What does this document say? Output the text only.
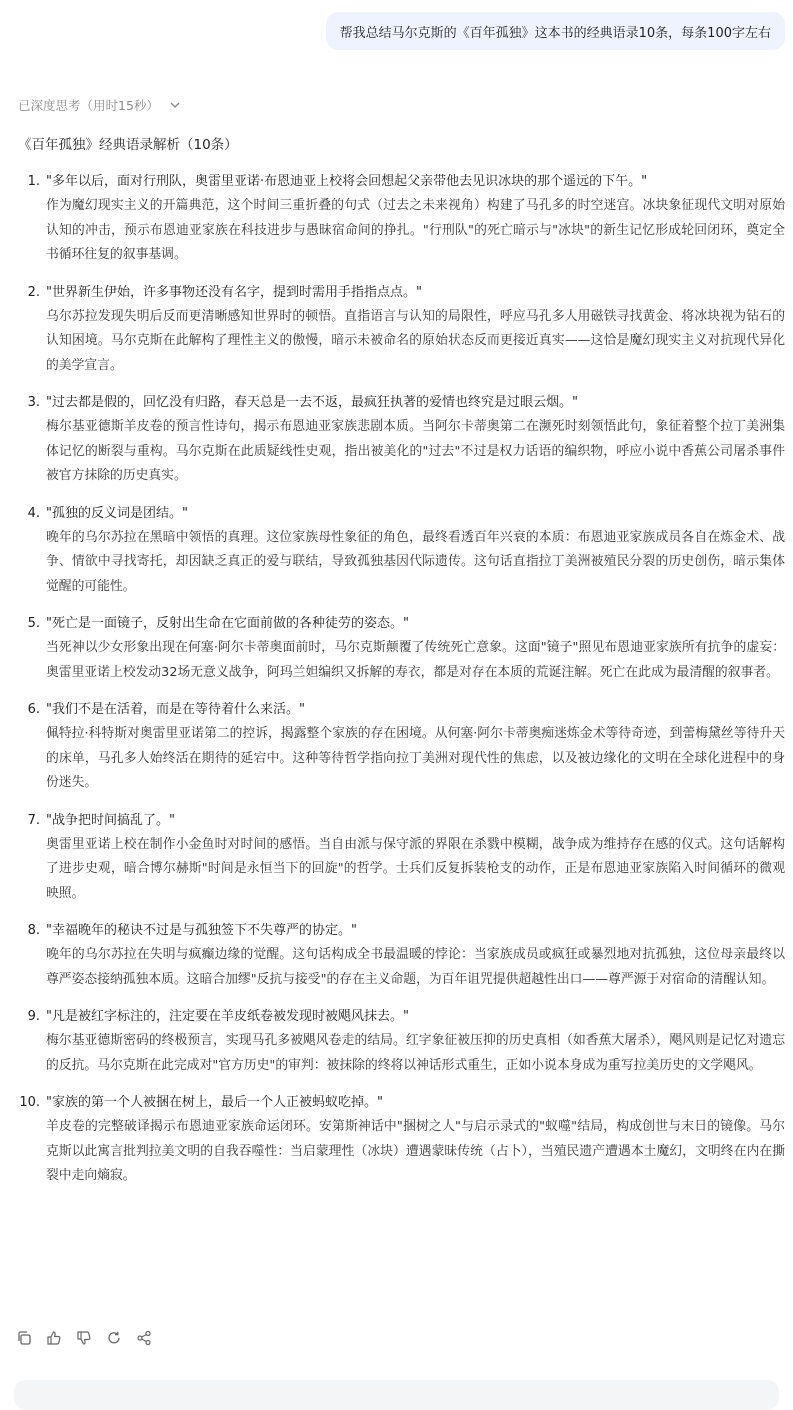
帮我总结马尔克斯的《百年孤独》这本书的经典语录10条，每条100字左右
已深度思考（用时15秒）
《百年孤独》经典语录解析（10条）
1. "多年以后，面对行刑队，奥雷里亚诺·布恩迪亚上校将会回想起父亲带他去见识冰块的那个遥远的下午。"
作为魔幻现实主义的开篇典范，这个时间三重折叠的句式（过去之未来视角）构建了马孔多的时空迷宫。冰块象征现代文明对原始认知的冲击，预示布恩迪亚家族在科技进步与愚昧宿命间的挣扎。"行刑队"的死亡暗示与"冰块"的新生记忆形成轮回闭环，奠定全书循环往复的叙事基调。
2. "世界新生伊始，许多事物还没有名字，提到时需用手指指点点。"
乌尔苏拉发现失明后反而更清晰感知世界时的顿悟。直指语言与认知的局限性，呼应马孔多人用磁铁寻找黄金、将冰块视为钻石的认知困境。马尔克斯在此解构了理性主义的傲慢，暗示未被命名的原始状态反而更接近真实——这恰是魔幻现实主义对抗现代异化的美学宣言。
3. "过去都是假的，回忆没有归路，春天总是一去不返，最疯狂执著的爱情也终究是过眼云烟。"
梅尔基亚德斯羊皮卷的预言性诗句，揭示布恩迪亚家族悲剧本质。当阿尔卡蒂奥第二在濒死时刻领悟此句，象征着整个拉丁美洲集体记忆的断裂与重构。马尔克斯在此质疑线性史观，指出被美化的"过去"不过是权力话语的编织物，呼应小说中香蕉公司屠杀事件被官方抹除的历史真实。
4. "孤独的反义词是团结。"
晚年的乌尔苏拉在黑暗中领悟的真理。这位家族母性象征的角色，最终看透百年兴衰的本质：布恩迪亚家族成员各自在炼金术、战争、情欲中寻找寄托，却因缺乏真正的爱与联结，导致孤独基因代际遗传。这句话直指拉丁美洲被殖民分裂的历史创伤，暗示集体觉醒的可能性。
5. "死亡是一面镜子，反射出生命在它面前做的各种徒劳的姿态。"
当死神以少女形象出现在何塞·阿尔卡蒂奥面前时，马尔克斯颠覆了传统死亡意象。这面"镜子"照见布恩迪亚家族所有抗争的虚妄：奥雷里亚诺上校发动32场无意义战争，阿玛兰妲编织又拆解的寿衣，都是对存在本质的荒诞注解。死亡在此成为最清醒的叙事者。
6. "我们不是在活着，而是在等待着什么来活。"
佩特拉·科特斯对奥雷里亚诺第二的控诉，揭露整个家族的存在困境。从何塞·阿尔卡蒂奥痴迷炼金术等待奇迹，到蕾梅黛丝等待升天的床单，马孔多人始终活在期待的延宕中。这种等待哲学指向拉丁美洲对现代性的焦虑，以及被边缘化的文明在全球化进程中的身份迷失。
7. "战争把时间搞乱了。"
奥雷里亚诺上校在制作小金鱼时对时间的感悟。当自由派与保守派的界限在杀戮中模糊，战争成为维持存在感的仪式。这句话解构了进步史观，暗合博尔赫斯"时间是永恒当下的回旋"的哲学。士兵们反复拆装枪支的动作，正是布恩迪亚家族陷入时间循环的微观映照。
8. "幸福晚年的秘诀不过是与孤独签下不失尊严的协定。"
晚年的乌尔苏拉在失明与疯癫边缘的觉醒。这句话构成全书最温暖的悖论：当家族成员或疯狂或暴烈地对抗孤独，这位母亲最终以尊严姿态接纳孤独本质。这暗合加缪"反抗与接受"的存在主义命题，为百年诅咒提供超越性出口——尊严源于对宿命的清醒认知。
9. "凡是被红字标注的，注定要在羊皮纸卷被发现时被飓风抹去。"
梅尔基亚德斯密码的终极预言，实现马孔多被飓风卷走的结局。红字象征被压抑的历史真相（如香蕉大屠杀），飓风则是记忆对遗忘的反抗。马尔克斯在此完成对"官方历史"的审判：被抹除的终将以神话形式重生，正如小说本身成为重写拉美历史的文学飓风。
10. "家族的第一个人被捆在树上，最后一个人正被蚂蚁吃掉。"
羊皮卷的完整破译揭示布恩迪亚家族命运闭环。安第斯神话中"捆树之人"与启示录式的"蚁噬"结局，构成创世与末日的镜像。马尔克斯以此寓言批判拉美文明的自我吞噬性：当启蒙理性（冰块）遭遇蒙昧传统（占卜），当殖民遗产遭遇本土魔幻，文明终在内在撕裂中走向熵寂。
